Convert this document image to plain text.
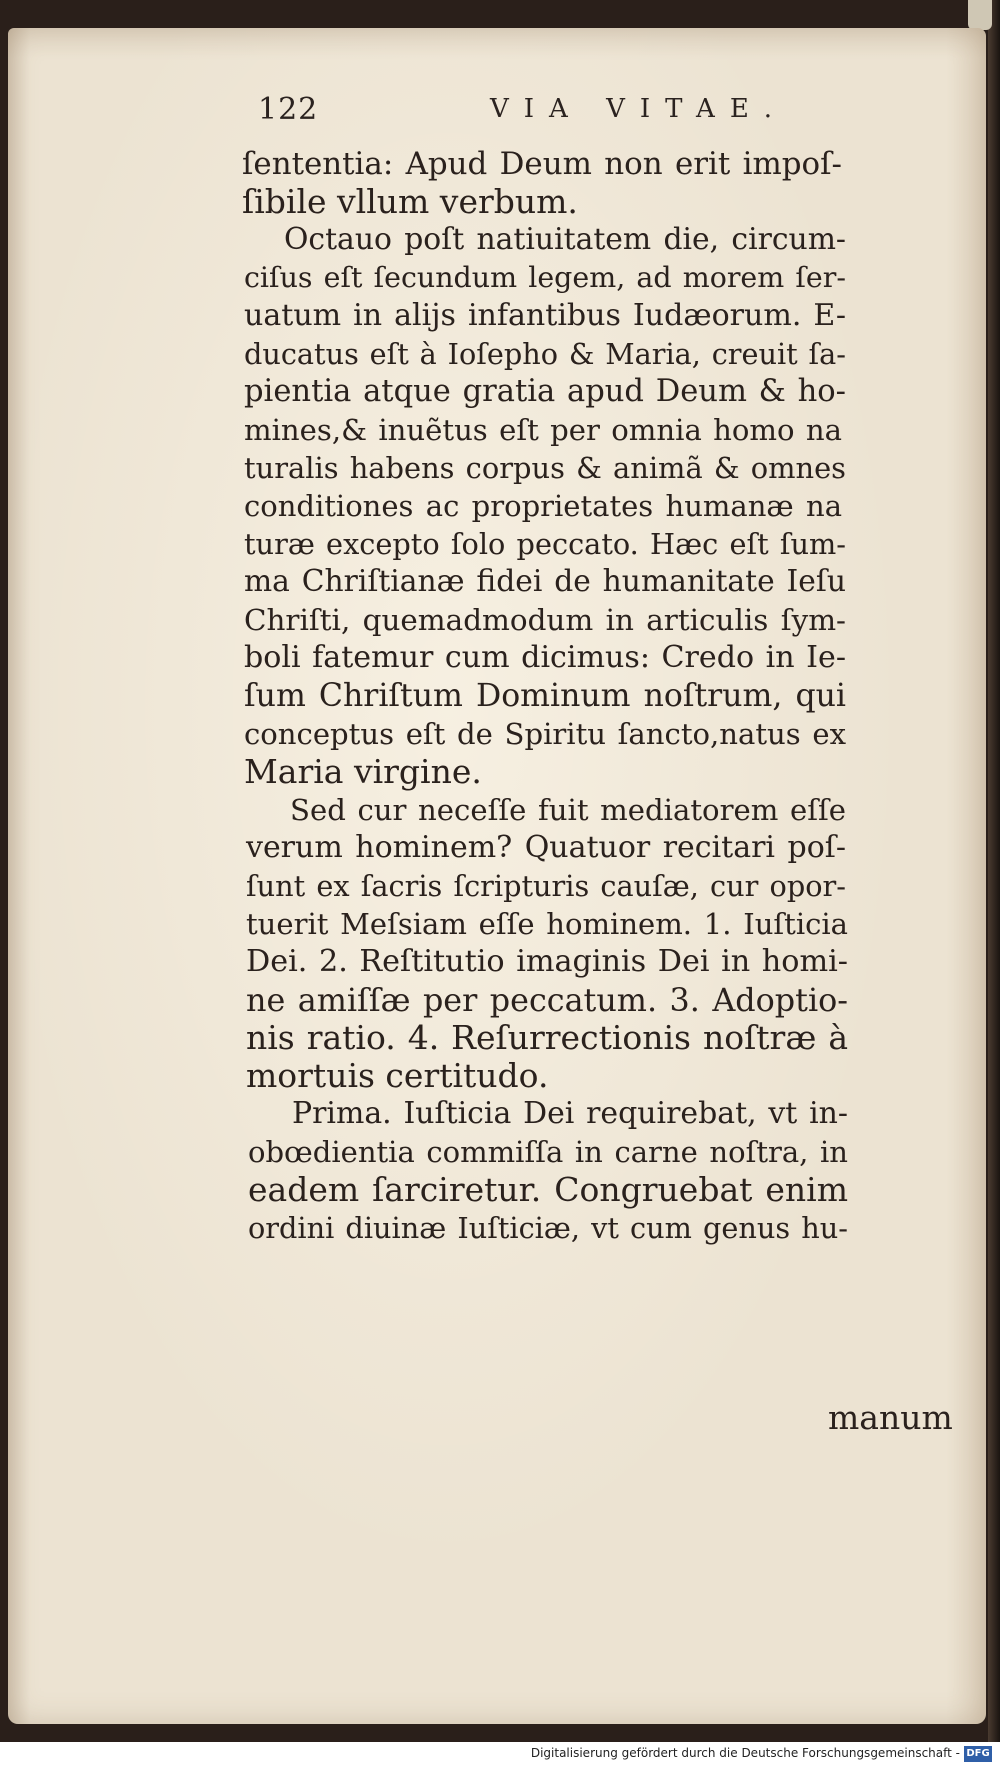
122	VIA VITAE.
ſententia: Apud Deum non erit impoſ-
ſibile vllum verbum.
Octauo poſt natiuitatem die, circum-
ciſus eſt ſecundum legem, ad morem ſer-
uatum in alijs infantibus Iudæorum. E-
ducatus eſt à Ioſepho & Maria, creuit ſa-
pientia atque gratia apud Deum & ho-
mines,& inuẽtus eſt per omnia homo na
turalis habens corpus & animã & omnes
conditiones ac proprietates humanæ na
turæ excepto ſolo peccato. Hæc eſt ſum-
ma Chriſtianæ fidei de humanitate Ieſu
Chriſti, quemadmodum in articulis ſym-
boli fatemur cum dicimus: Credo in Ie-
ſum Chriſtum Dominum noſtrum, qui
conceptus eſt de Spiritu ſancto,natus ex
Maria virgine.
Sed cur neceſſe fuit mediatorem eſſe
verum hominem? Quatuor recitari poſ-
ſunt ex ſacris ſcripturis cauſæ, cur opor-
tuerit Meſsiam eſſe hominem. 1. Iuſticia
Dei. 2. Reſtitutio imaginis Dei in homi-
ne amiſſæ per peccatum. 3. Adoptio-
nis ratio. 4. Reſurrectionis noſtræ à
mortuis certitudo.
Prima. Iuſticia Dei requirebat, vt in-
obœdientia commiſſa in carne noſtra, in
eadem ſarciretur. Congruebat enim
ordini diuinæ Iuſticiæ, vt cum genus hu-
manum
Digitalisierung gefördert durch die Deutsche Forschungsgemeinschaft - DFG
